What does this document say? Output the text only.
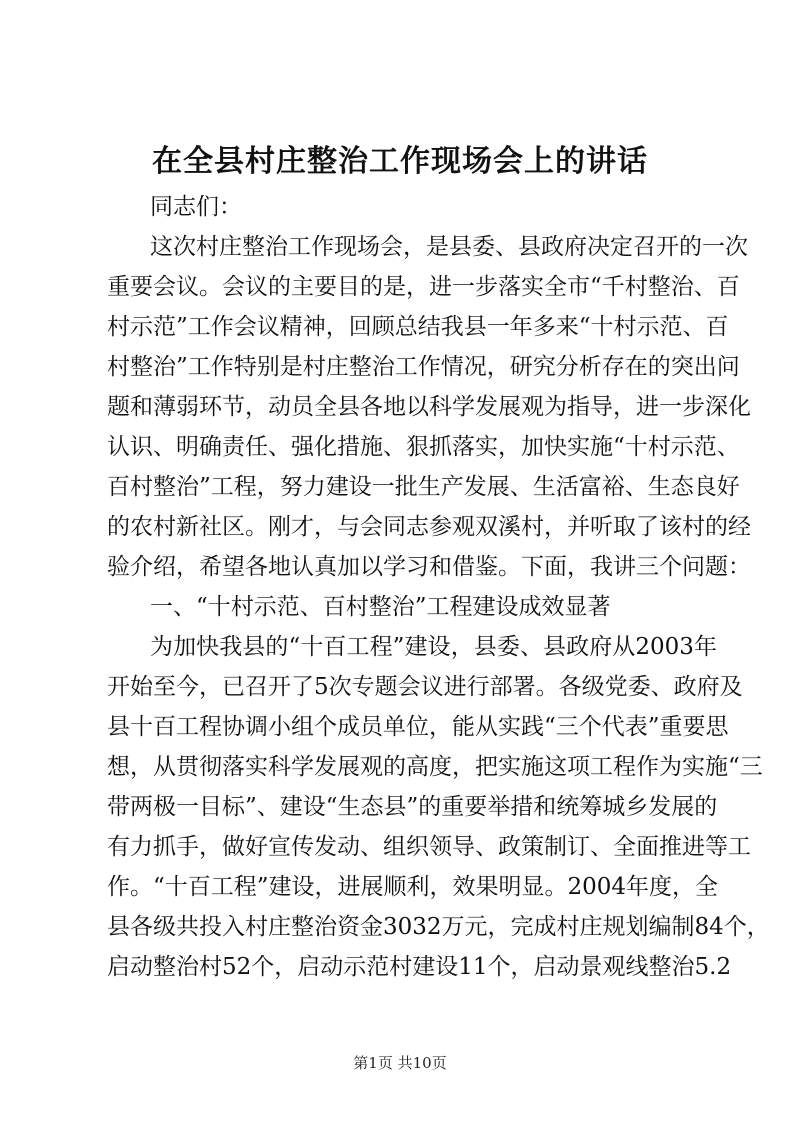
在全县村庄整治工作现场会上的讲话
同志们：
这次村庄整治工作现场会，是县委、县政府决定召开的一次
重要会议。会议的主要目的是，进一步落实全市“千村整治、百
村示范”工作会议精神，回顾总结我县一年多来“十村示范、百
村整治”工作特别是村庄整治工作情况，研究分析存在的突出问
题和薄弱环节，动员全县各地以科学发展观为指导，进一步深化
认识、明确责任、强化措施、狠抓落实，加快实施“十村示范、
百村整治”工程，努力建设一批生产发展、生活富裕、生态良好
的农村新社区。刚才，与会同志参观双溪村，并听取了该村的经
验介绍，希望各地认真加以学习和借鉴。下面，我讲三个问题：
一、“十村示范、百村整治”工程建设成效显著
为加快我县的“十百工程”建设，县委、县政府从2003年
开始至今，已召开了5次专题会议进行部署。各级党委、政府及
县十百工程协调小组个成员单位，能从实践“三个代表”重要思
想，从贯彻落实科学发展观的高度，把实施这项工程作为实施“三
带两极一目标”、建设“生态县”的重要举措和统筹城乡发展的
有力抓手，做好宣传发动、组织领导、政策制订、全面推进等工
作。“十百工程”建设，进展顺利，效果明显。2004年度，全
县各级共投入村庄整治资金3032万元，完成村庄规划编制84个，
启动整治村52个，启动示范村建设11个，启动景观线整治5.2
第1页 共10页
